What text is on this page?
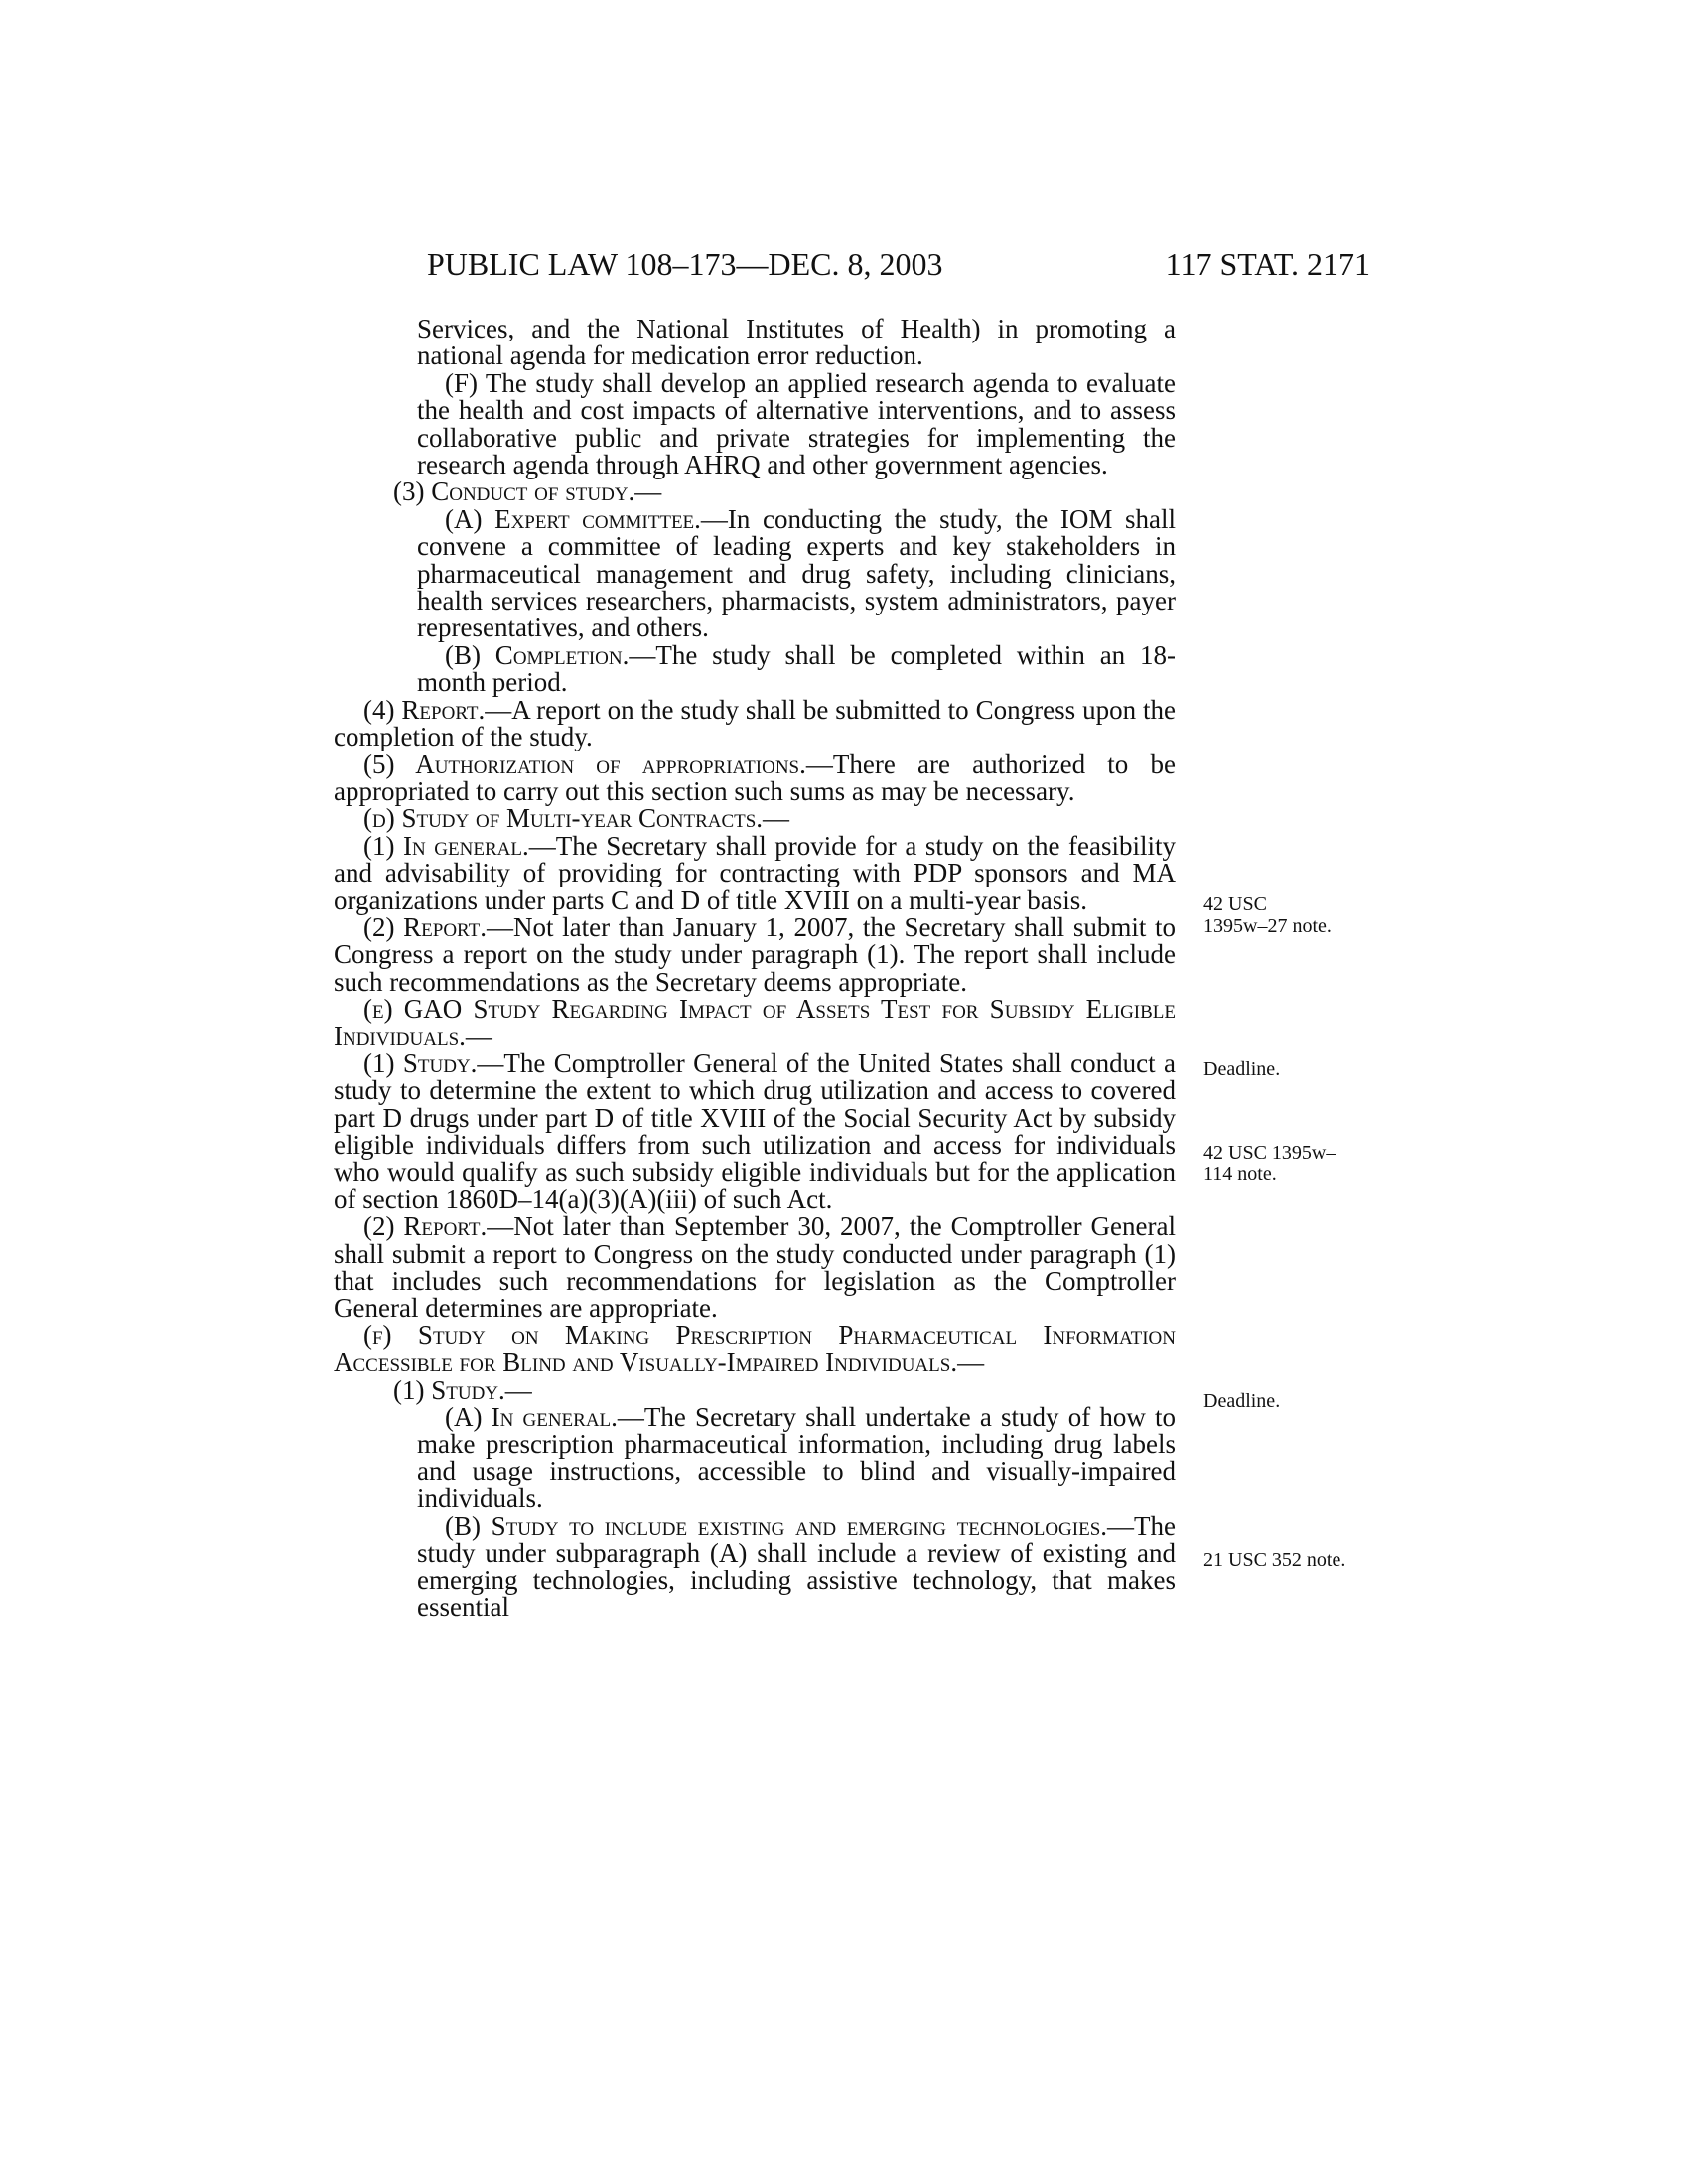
PUBLIC LAW 108–173—DEC. 8, 2003	117 STAT. 2171

Services, and the National Institutes of Health) in promoting a national agenda for medication error reduction.

(F) The study shall develop an applied research agenda to evaluate the health and cost impacts of alternative interventions, and to assess collaborative public and private strategies for implementing the research agenda through AHRQ and other government agencies.

(3) Conduct of study.—

(A) Expert committee.—In conducting the study, the IOM shall convene a committee of leading experts and key stakeholders in pharmaceutical management and drug safety, including clinicians, health services researchers, pharmacists, system administrators, payer representatives, and others.

(B) Completion.—The study shall be completed within an 18-month period.

(4) Report.—A report on the study shall be submitted to Congress upon the completion of the study.

(5) Authorization of appropriations.—There are authorized to be appropriated to carry out this section such sums as may be necessary.

(d) Study of Multi-year Contracts.—

(1) In general.—The Secretary shall provide for a study on the feasibility and advisability of providing for contracting with PDP sponsors and MA organizations under parts C and D of title XVIII on a multi-year basis.

(2) Report.—Not later than January 1, 2007, the Secretary shall submit to Congress a report on the study under paragraph (1). The report shall include such recommendations as the Secretary deems appropriate.

(e) GAO Study Regarding Impact of Assets Test for Subsidy Eligible Individuals.—

(1) Study.—The Comptroller General of the United States shall conduct a study to determine the extent to which drug utilization and access to covered part D drugs under part D of title XVIII of the Social Security Act by subsidy eligible individuals differs from such utilization and access for individuals who would qualify as such subsidy eligible individuals but for the application of section 1860D–14(a)(3)(A)(iii) of such Act.

(2) Report.—Not later than September 30, 2007, the Comptroller General shall submit a report to Congress on the study conducted under paragraph (1) that includes such recommendations for legislation as the Comptroller General determines are appropriate.

(f) Study on Making Prescription Pharmaceutical Information Accessible for Blind and Visually-Impaired Individuals.—

(1) Study.—

(A) In general.—The Secretary shall undertake a study of how to make prescription pharmaceutical information, including drug labels and usage instructions, accessible to blind and visually-impaired individuals.

(B) Study to include existing and emerging technologies.—The study under subparagraph (A) shall include a review of existing and emerging technologies, including assistive technology, that makes essential

42 USC 1395w–27 note.
Deadline.
42 USC 1395w–114 note.
Deadline.
21 USC 352 note.
